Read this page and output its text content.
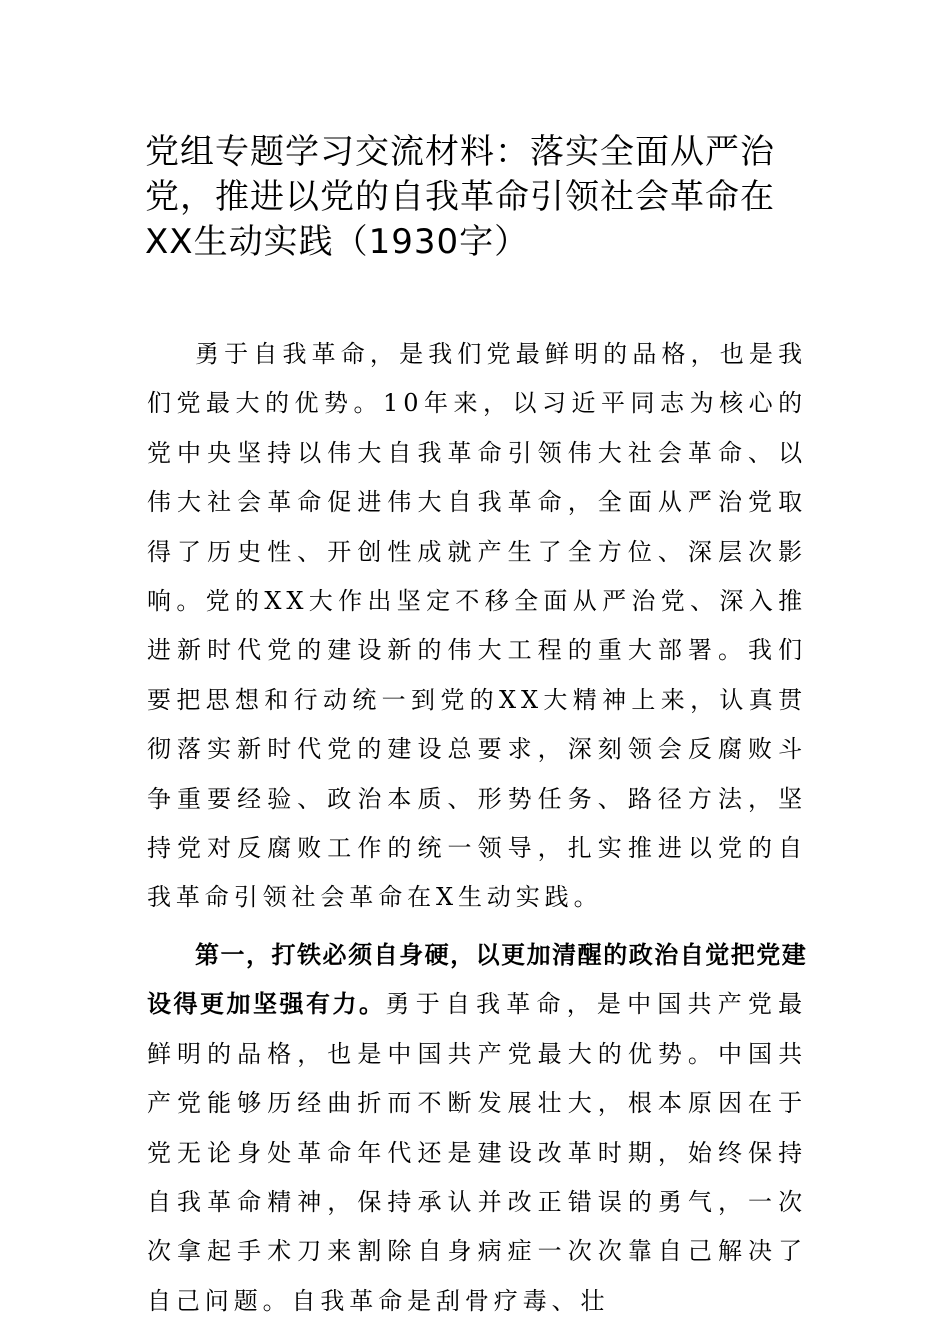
党组专题学习交流材料：落实全面从严治党，推进以党的自我革命引领社会革命在XX生动实践（1930字）

勇于自我革命，是我们党最鲜明的品格，也是我们党最大的优势。10年来，以习近平同志为核心的党中央坚持以伟大自我革命引领伟大社会革命、以伟大社会革命促进伟大自我革命，全面从严治党取得了历史性、开创性成就产生了全方位、深层次影响。党的XX大作出坚定不移全面从严治党、深入推进新时代党的建设新的伟大工程的重大部署。我们要把思想和行动统一到党的XX大精神上来，认真贯彻落实新时代党的建设总要求，深刻领会反腐败斗争重要经验、政治本质、形势任务、路径方法，坚持党对反腐败工作的统一领导，扎实推进以党的自我革命引领社会革命在X生动实践。

第一，打铁必须自身硬，以更加清醒的政治自觉把党建设得更加坚强有力。勇于自我革命，是中国共产党最鲜明的品格，也是中国共产党最大的优势。中国共产党能够历经曲折而不断发展壮大，根本原因在于党无论身处革命年代还是建设改革时期，始终保持自我革命精神，保持承认并改正错误的勇气，一次次拿起手术刀来割除自身病症一次次靠自己解决了自己问题。自我革命是刮骨疗毒、壮
